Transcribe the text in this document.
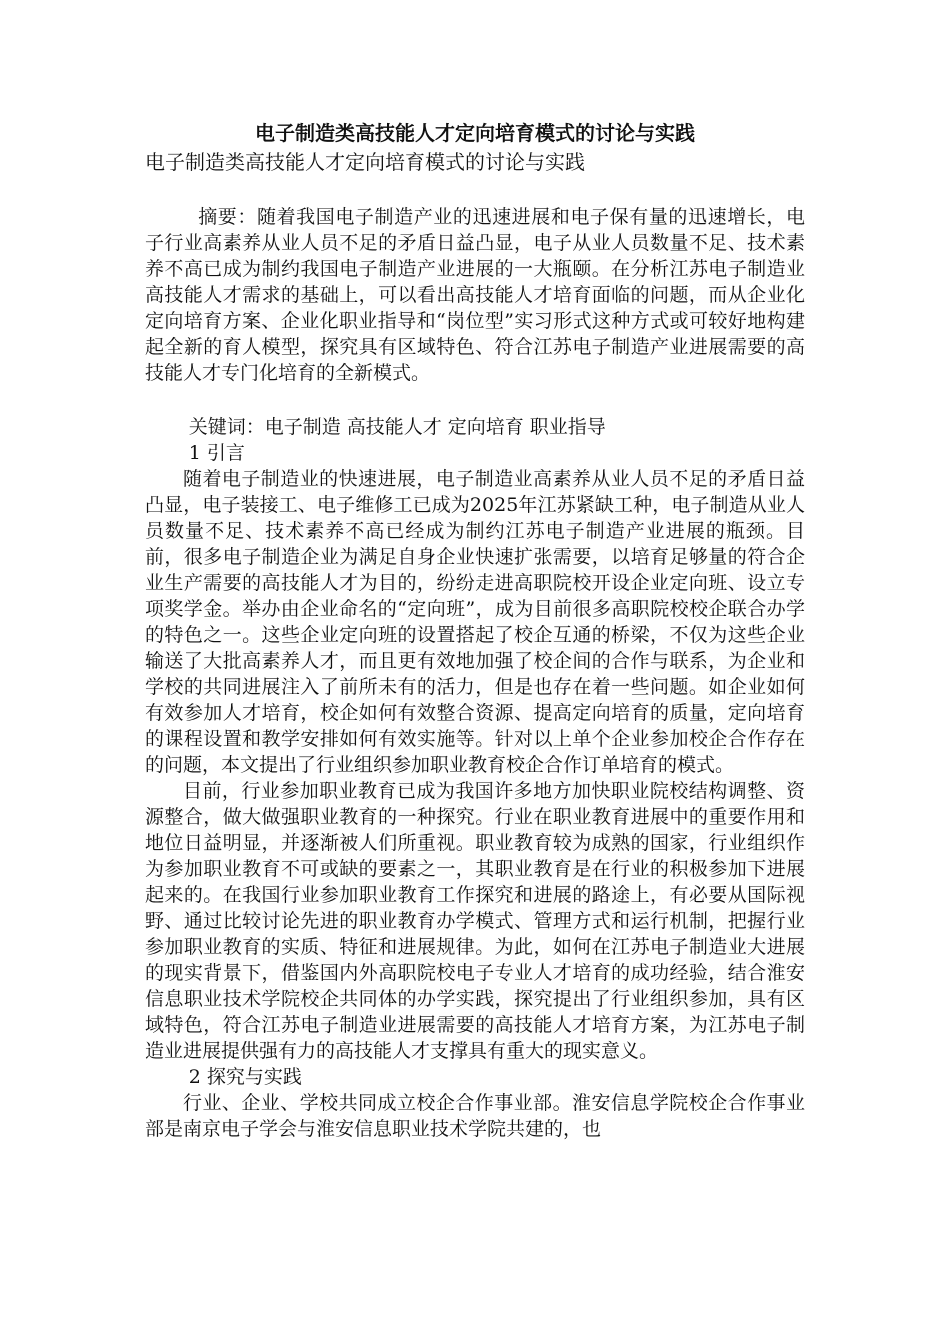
电子制造类高技能人才定向培育模式的讨论与实践

电子制造类高技能人才定向培育模式的讨论与实践

摘要：随着我国电子制造产业的迅速进展和电子保有量的迅速增长，电子行业高素养从业人员不足的矛盾日益凸显，电子从业人员数量不足、技术素养不高已成为制约我国电子制造产业进展的一大瓶颐。在分析江苏电子制造业高技能人才需求的基础上，可以看出高技能人才培育面临的问题，而从企业化定向培育方案、企业化职业指导和“岗位型”实习形式这种方式或可较好地构建起全新的育人模型，探究具有区域特色、符合江苏电子制造产业进展需要的高技能人才专门化培育的全新模式。

关键词：电子制造 高技能人才 定向培育 职业指导

1 引言

随着电子制造业的快速进展，电子制造业高素养从业人员不足的矛盾日益凸显，电子装接工、电子维修工已成为2025年江苏紧缺工种，电子制造从业人员数量不足、技术素养不高已经成为制约江苏电子制造产业进展的瓶颈。目前，很多电子制造企业为满足自身企业快速扩张需要，以培育足够量的符合企业生产需要的高技能人才为目的，纷纷走进高职院校开设企业定向班、设立专项奖学金。举办由企业命名的“定向班”，成为目前很多高职院校校企联合办学的特色之一。这些企业定向班的设置搭起了校企互通的桥梁，不仅为这些企业输送了大批高素养人才，而且更有效地加强了校企间的合作与联系，为企业和学校的共同进展注入了前所未有的活力，但是也存在着一些问题。如企业如何有效参加人才培育，校企如何有效整合资源、提高定向培育的质量，定向培育的课程设置和教学安排如何有效实施等。针对以上单个企业参加校企合作存在的问题，本文提出了行业组织参加职业教育校企合作订单培育的模式。

目前，行业参加职业教育已成为我国许多地方加快职业院校结构调整、资源整合，做大做强职业教育的一种探究。行业在职业教育进展中的重要作用和地位日益明显，并逐渐被人们所重视。职业教育较为成熟的国家，行业组织作为参加职业教育不可或缺的要素之一，其职业教育是在行业的积极参加下进展起来的。在我国行业参加职业教育工作探究和进展的路途上，有必要从国际视野、通过比较讨论先进的职业教育办学模式、管理方式和运行机制，把握行业参加职业教育的实质、特征和进展规律。为此，如何在江苏电子制造业大进展的现实背景下，借鉴国内外高职院校电子专业人才培育的成功经验，结合淮安信息职业技术学院校企共同体的办学实践，探究提出了行业组织参加，具有区域特色，符合江苏电子制造业进展需要的高技能人才培育方案，为江苏电子制造业进展提供强有力的高技能人才支撑具有重大的现实意义。

2 探究与实践

行业、企业、学校共同成立校企合作事业部。淮安信息学院校企合作事业部是南京电子学会与淮安信息职业技术学院共建的，也
